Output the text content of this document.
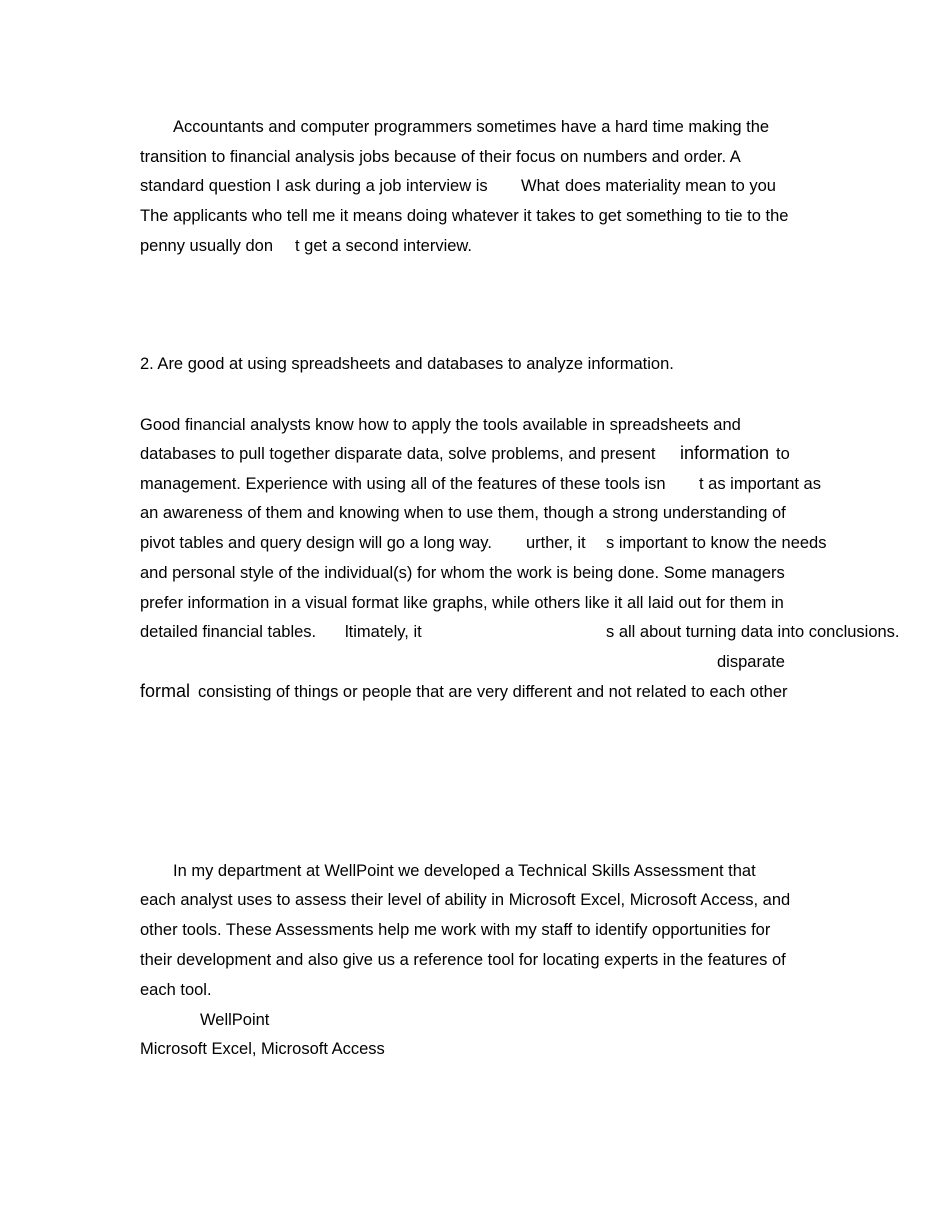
Accountants and computer programmers sometimes have a hard time making the
transition to financial analysis jobs because of their focus on numbers and order. A
standard question I ask during a job interview is What does materiality mean to you
The applicants who tell me it means doing whatever it takes to get something to tie to the
penny usually don t get a second interview.
2. Are good at using spreadsheets and databases to analyze information.
Good financial analysts know how to apply the tools available in spreadsheets and
databases to pull together disparate data, solve problems, and present information to
management. Experience with using all of the features of these tools isn t as important as
an awareness of them and knowing when to use them, though a strong understanding of
pivot tables and query design will go a long way. urther, it s important to know the needs
and personal style of the individual(s) for whom the work is being done. Some managers
prefer information in a visual format like graphs, while others like it all laid out for them in
detailed financial tables. ltimately, it	s all about turning data into conclusions.
disparate
formal consisting of things or people that are very different and not related to each other
In my department at WellPoint we developed a Technical Skills Assessment that
each analyst uses to assess their level of ability in Microsoft Excel, Microsoft Access, and
other tools. These Assessments help me work with my staff to identify opportunities for
their development and also give us a reference tool for locating experts in the features of
each tool.
WellPoint
Microsoft Excel, Microsoft Access
